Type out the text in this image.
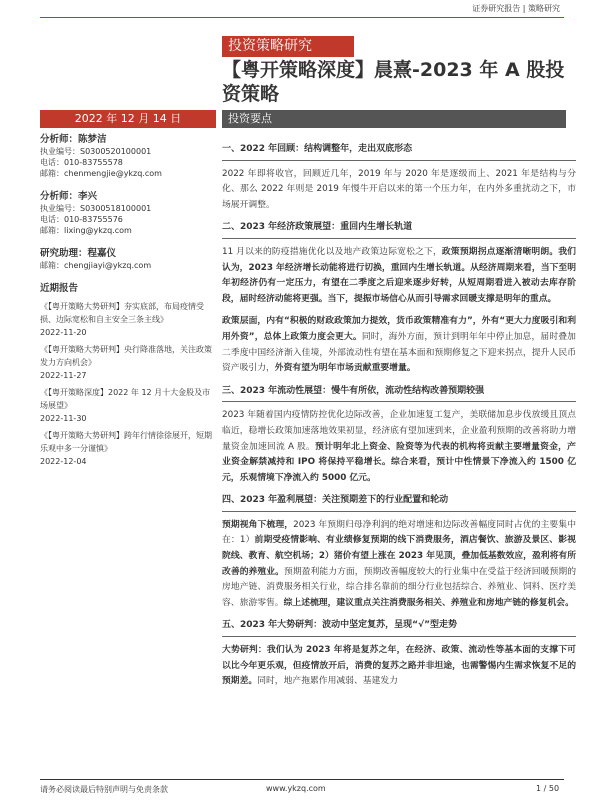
证券研究报告 | 策略研究
投资策略研究
【粤开策略深度】晨熹-2023 年 A 股投资策略
2022 年 12 月 14 日	投资要点
分析师：陈梦洁
执业编号：S0300520100001
电话：010-83755578
邮箱：chenmengjie@ykzq.com
分析师：李兴
执业编号：S0300518100001
电话：010-83755576
邮箱：lixing@ykzq.com
研究助理：程嘉仪
邮箱：chengjiayi@ykzq.com
近期报告
《【粤开策略大势研判】夯实底部，布局疫情受损、边际宽松和自主安全三条主线》
2022-11-20
《【粤开策略大势研判】央行降准落地，关注政策发力方向机会》
2022-11-27
《【粤开策略深度】2022 年 12 月十大金股及市场展望》
2022-11-30
《【粤开策略大势研判】跨年行情徐徐展开，短期乐观中多一分谨慎》
2022-12-04
一、2022 年回顾：结构调整年，走出双底形态

2022 年即将收官，回顾近几年，2019 年与 2020 年是逐级而上、2021 年是结构与分化、那么 2022 年则是 2019 年慢牛开启以来的第一个压力年，在内外多重扰动之下，市场展开调整。

二、2023 年经济政策展望：重回内生增长轨道

11 月以来的防疫措施优化以及地产政策边际宽松之下，政策预期拐点逐渐清晰明朗。我们认为，2023 年经济增长动能将进行切换，重回内生增长轨道。从经济周期来看，当下至明年初经济仍有一定压力，有望在二季度之后迎来逐步好转，从短周期看进入被动去库存阶段，届时经济动能将更强。当下，提振市场信心从而引导需求回暖支撑是明年的重点。

政策层面，内有“积极的财政政策加力提效，货币政策精准有力”，外有“更大力度吸引和利用外资”，总体上政策力度会更大。同时，海外方面，预计到明年年中停止加息，届时叠加二季度中国经济渐入佳境，外部流动性有望在基本面和预期修复之下迎来拐点，提升人民币资产吸引力，外资有望为明年市场贡献重要增量。

三、2023 年流动性展望：慢牛有所依，流动性结构改善预期较强

2023 年随着国内疫情防控优化边际改善，企业加速复工复产，美联储加息步伐放缓且顶点临近，稳增长政策加速落地效果初显，经济底有望加速到来，企业盈利预期的改善将助力增量资金加速回流 A 股。预计明年北上资金、险资等为代表的机构将贡献主要增量资金，产业资金解禁减持和 IPO 将保持平稳增长。综合来看，预计中性情景下净流入约 1500 亿元，乐观情境下净流入约 5000 亿元。

四、2023 年盈利展望：关注预期差下的行业配置和轮动

预期视角下梳理，2023 年预期归母净利润的绝对增速和边际改善幅度同时占优的主要集中在：1）前期受疫情影响、有业绩修复预期的线下消费服务，酒店餐饮、旅游及景区、影视院线、教育、航空机场；2）猪价有望上涨在 2023 年见顶，叠加低基数效应，盈利将有所改善的养殖业。预期盈利能力方面，预期改善幅度较大的行业集中在受益于经济回暖预期的房地产链、消费服务相关行业，综合排名靠前的细分行业包括综合、养殖业、饲料、医疗美容、旅游零售。综上述梳理，建议重点关注消费服务相关、养殖业和房地产链的修复机会。

五、2023 年大势研判：波动中坚定复苏，呈现“√”型走势

大势研判：我们认为 2023 年将是复苏之年，在经济、政策、流动性等基本面的支撑下可以比今年更乐观，但疫情放开后，消费的复苏之路并非坦途，也需警惕内生需求恢复不足的预期差。同时，地产拖累作用减弱、基建发力

请务必阅读最后特别声明与免责条款	www.ykzq.com	1 / 50
